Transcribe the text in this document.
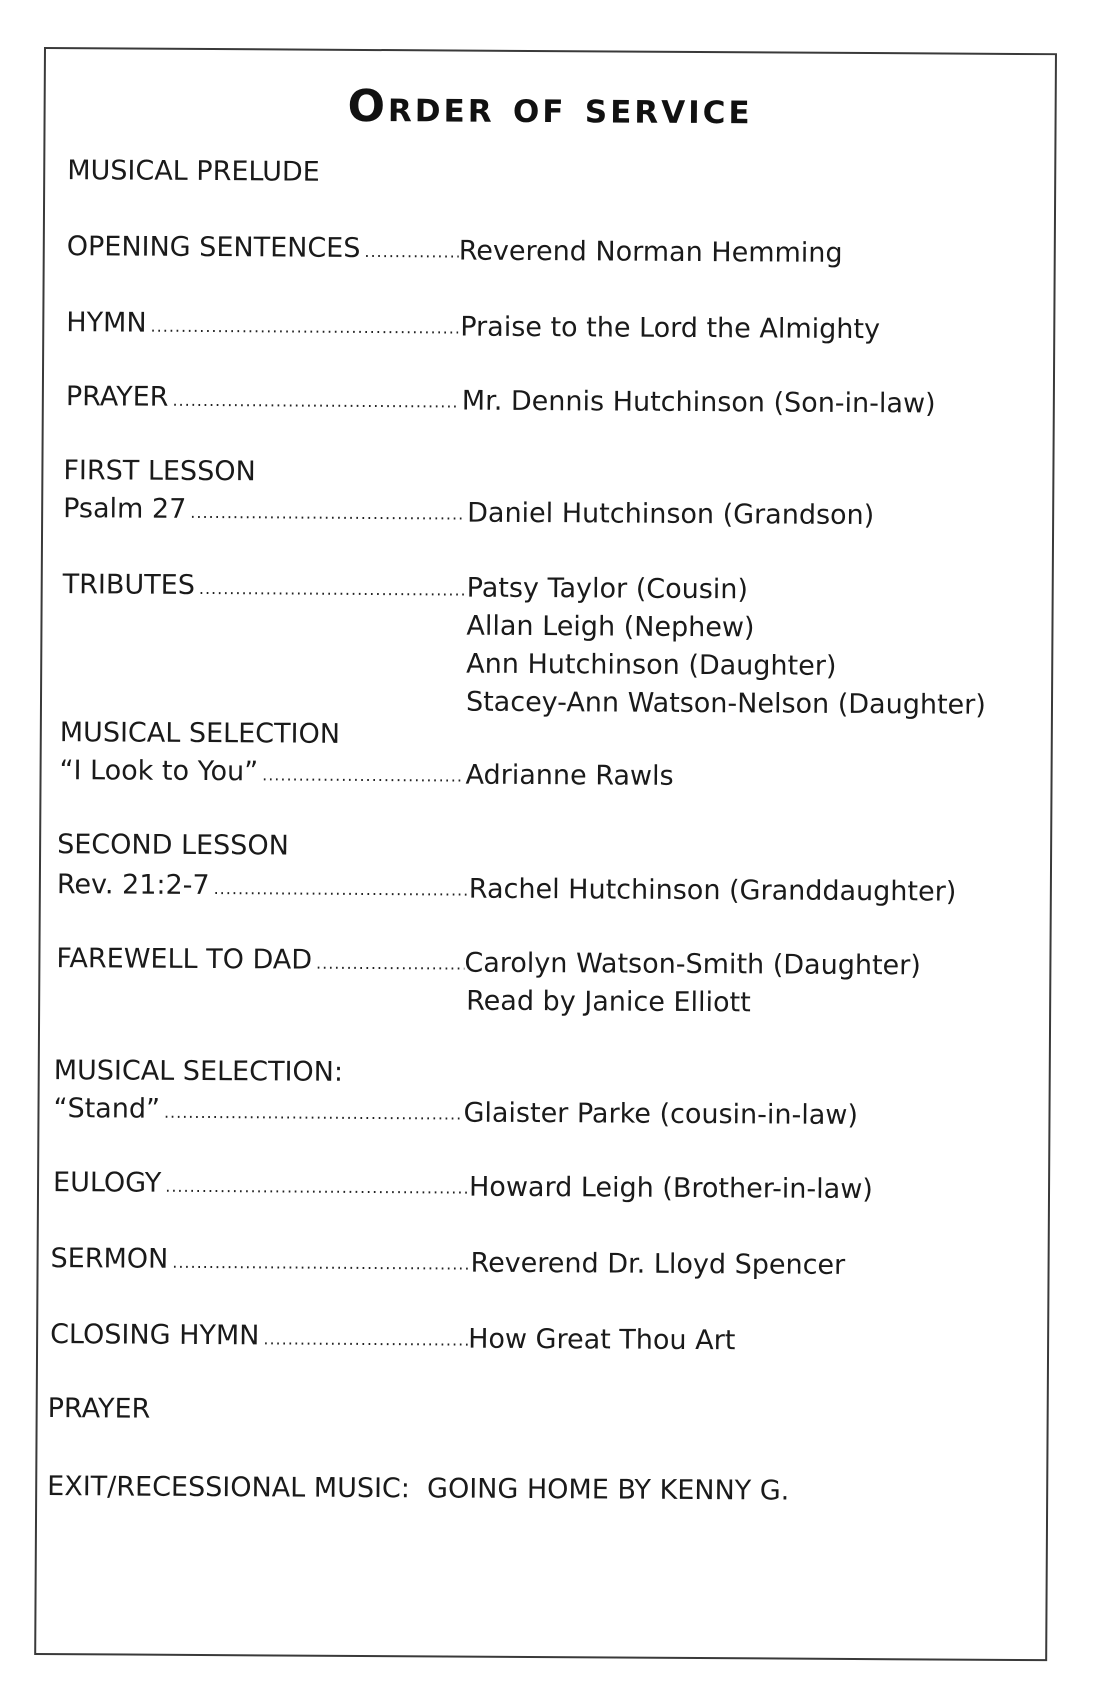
Order of service
MUSICAL PRELUDE
OPENING SENTENCES .....	Reverend Norman Hemming
HYMN .....	Praise to the Lord the Almighty
PRAYER .....	Mr. Dennis Hutchinson (Son-in-law)
FIRST LESSON
Psalm 27 .....	Daniel Hutchinson (Grandson)
TRIBUTES .....	Patsy Taylor (Cousin)
Allan Leigh (Nephew)
Ann Hutchinson (Daughter)
Stacey-Ann Watson-Nelson (Daughter)
MUSICAL SELECTION
“I Look to You” .....	Adrianne Rawls
SECOND LESSON
Rev. 21:2-7 .....	Rachel Hutchinson (Granddaughter)
FAREWELL TO DAD .....	Carolyn Watson-Smith (Daughter)
Read by Janice Elliott
MUSICAL SELECTION:
“Stand” .....	Glaister Parke (cousin-in-law)
EULOGY .....	Howard Leigh (Brother-in-law)
SERMON .....	Reverend Dr. Lloyd Spencer
CLOSING HYMN .....	How Great Thou Art
PRAYER
EXIT/RECESSIONAL MUSIC:  GOING HOME BY KENNY G.
